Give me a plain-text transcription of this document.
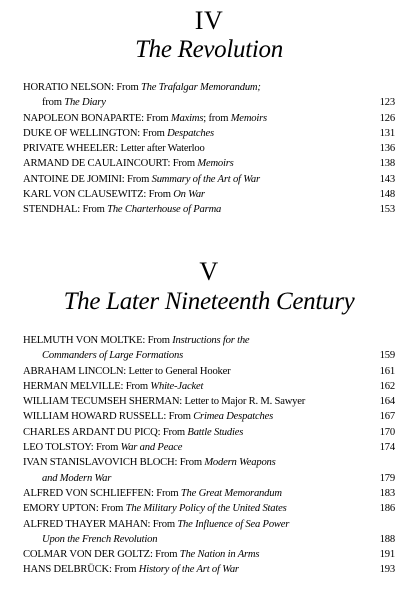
IV
The Revolution
HORATIO NELSON: From The Trafalgar Memorandum;
from The Diary	123
NAPOLEON BONAPARTE: From Maxims; from Memoirs	126
DUKE OF WELLINGTON: From Despatches	131
PRIVATE WHEELER: Letter after Waterloo	136
ARMAND DE CAULAINCOURT: From Memoirs	138
ANTOINE DE JOMINI: From Summary of the Art of War	143
KARL VON CLAUSEWITZ: From On War	148
STENDHAL: From The Charterhouse of Parma	153
V
The Later Nineteenth Century
HELMUTH VON MOLTKE: From Instructions for the
Commanders of Large Formations	159
ABRAHAM LINCOLN: Letter to General Hooker	161
HERMAN MELVILLE: From White-Jacket	162
WILLIAM TECUMSEH SHERMAN: Letter to Major R. M. Sawyer	164
WILLIAM HOWARD RUSSELL: From Crimea Despatches	167
CHARLES ARDANT DU PICQ: From Battle Studies	170
LEO TOLSTOY: From War and Peace	174
IVAN STANISLAVOVICH BLOCH: From Modern Weapons
and Modern War	179
ALFRED VON SCHLIEFFEN: From The Great Memorandum	183
EMORY UPTON: From The Military Policy of the United States	186
ALFRED THAYER MAHAN: From The Influence of Sea Power
Upon the French Revolution	188
COLMAR VON DER GOLTZ: From The Nation in Arms	191
HANS DELBRÜCK: From History of the Art of War	193
